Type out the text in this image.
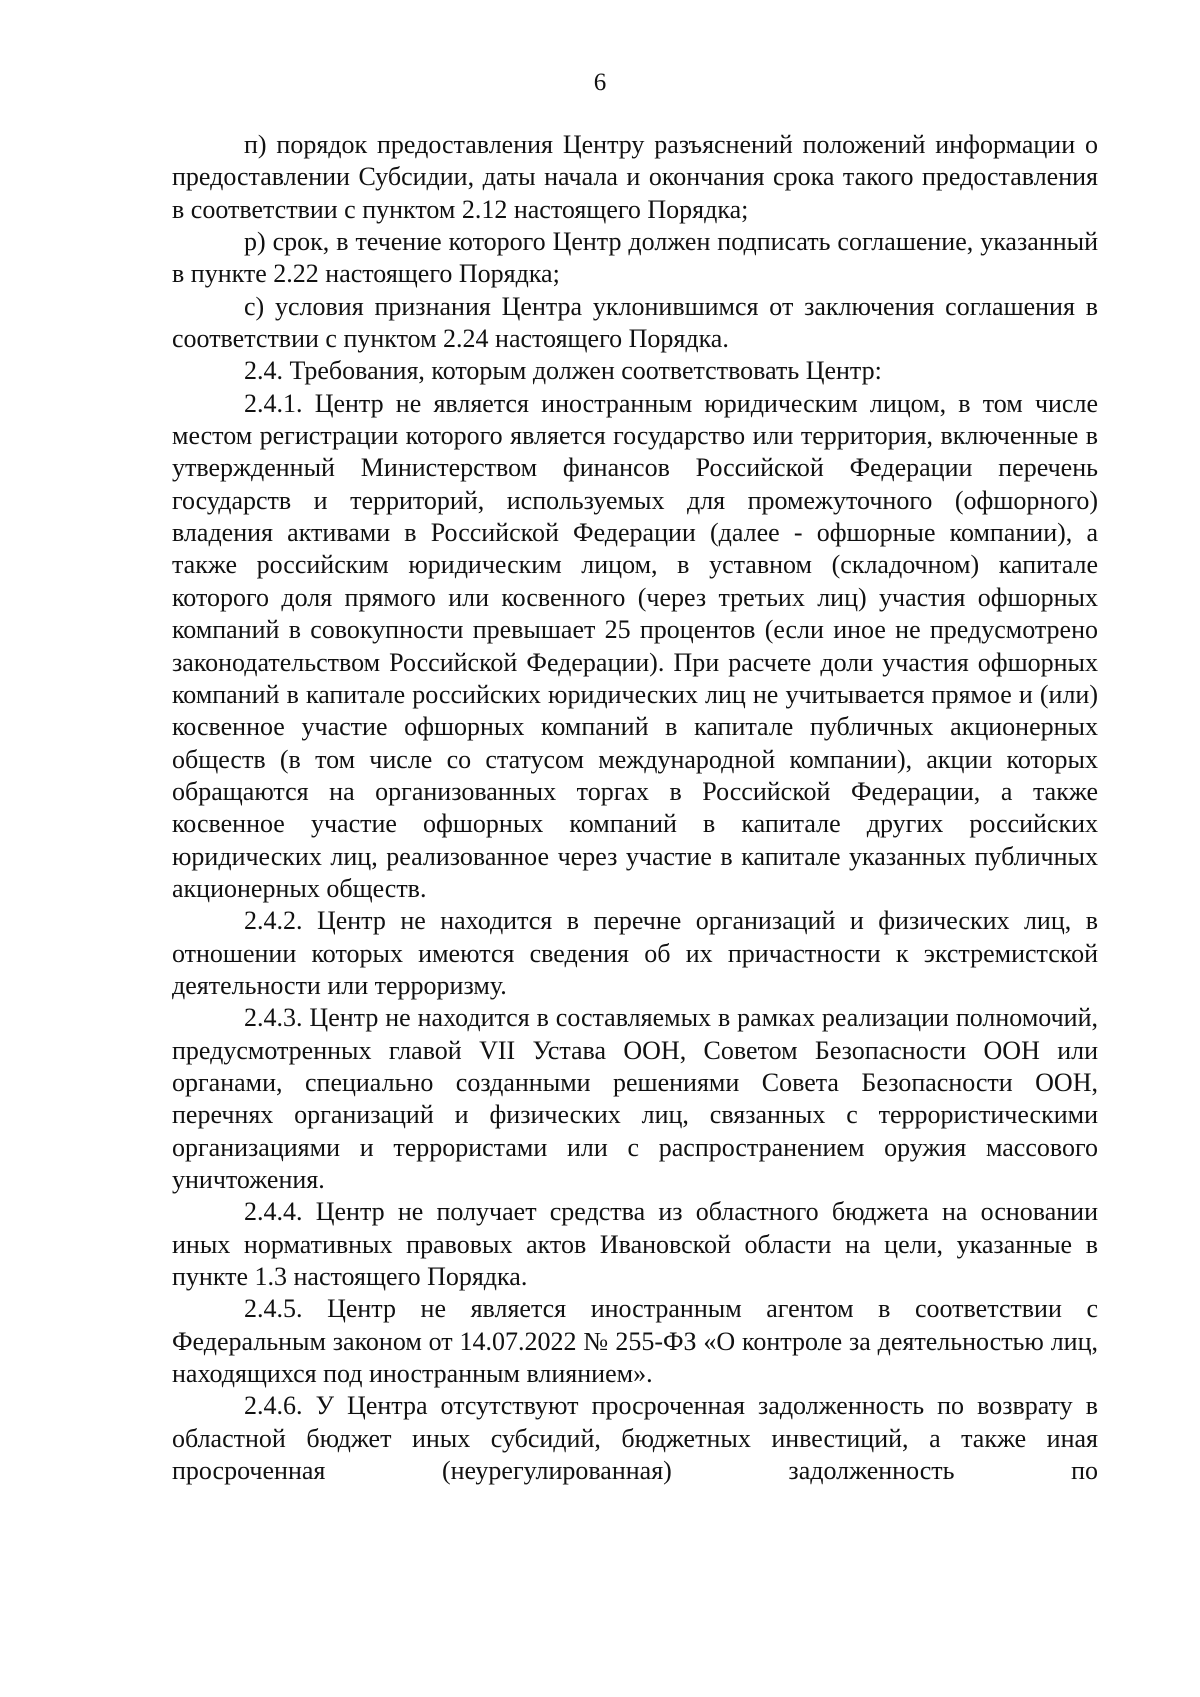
6

п) порядок предоставления Центру разъяснений положений информации о предоставлении Субсидии, даты начала и окончания срока такого предоставления в соответствии с пунктом 2.12 настоящего Порядка;

р) срок, в течение которого Центр должен подписать соглашение, указанный в пункте 2.22 настоящего Порядка;

с) условия признания Центра уклонившимся от заключения соглашения в соответствии с пунктом 2.24 настоящего Порядка.

2.4. Требования, которым должен соответствовать Центр:

2.4.1. Центр не является иностранным юридическим лицом, в том числе местом регистрации которого является государство или территория, включенные в утвержденный Министерством финансов Российской Федерации перечень государств и территорий, используемых для промежуточного (офшорного) владения активами в Российской Федерации (далее - офшорные компании), а также российским юридическим лицом, в уставном (складочном) капитале которого доля прямого или косвенного (через третьих лиц) участия офшорных компаний в совокупности превышает 25 процентов (если иное не предусмотрено законодательством Российской Федерации). При расчете доли участия офшорных компаний в капитале российских юридических лиц не учитывается прямое и (или) косвенное участие офшорных компаний в капитале публичных акционерных обществ (в том числе со статусом международной компании), акции которых обращаются на организованных торгах в Российской Федерации, а также косвенное участие офшорных компаний в капитале других российских юридических лиц, реализованное через участие в капитале указанных публичных акционерных обществ.

2.4.2. Центр не находится в перечне организаций и физических лиц, в отношении которых имеются сведения об их причастности к экстремистской деятельности или терроризму.

2.4.3. Центр не находится в составляемых в рамках реализации полномочий, предусмотренных главой VII Устава ООН, Советом Безопасности ООН или органами, специально созданными решениями Совета Безопасности ООН, перечнях организаций и физических лиц, связанных с террористическими организациями и террористами или с распространением оружия массового уничтожения.

2.4.4. Центр не получает средства из областного бюджета на основании иных нормативных правовых актов Ивановской области на цели, указанные в пункте 1.3 настоящего Порядка.

2.4.5. Центр не является иностранным агентом в соответствии с Федеральным законом от 14.07.2022 № 255-ФЗ «О контроле за деятельностью лиц, находящихся под иностранным влиянием».

2.4.6. У Центра отсутствуют просроченная задолженность по возврату в областной бюджет иных субсидий, бюджетных инвестиций, а также иная просроченная (неурегулированная) задолженность по
